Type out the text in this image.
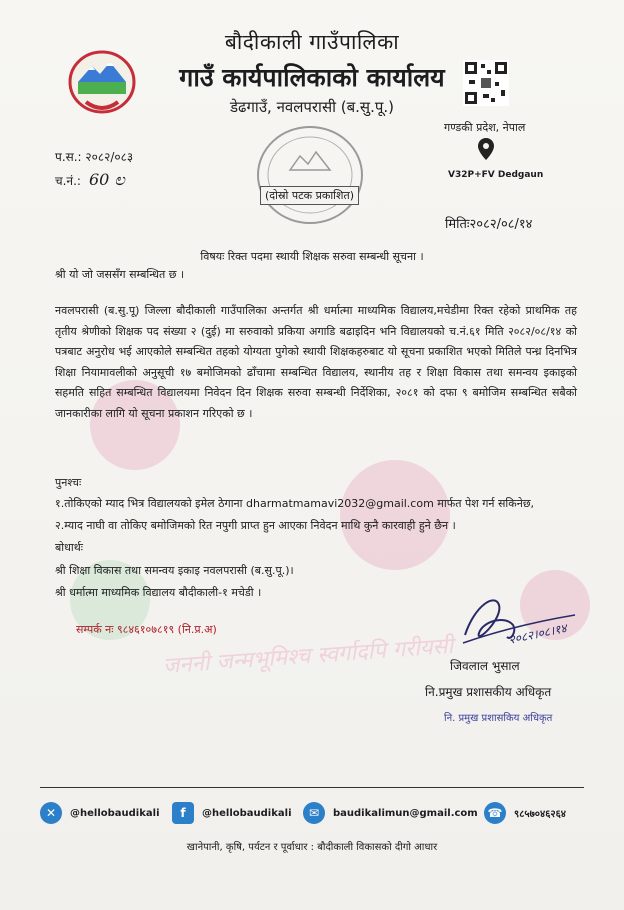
जननी जन्मभूमिश्च स्वर्गादपि गरीयसी
बौदीकाली गाउँपालिका
गाउँ कार्यपालिकाको कार्यालय
डेढगाउँ, नवलपरासी (ब.सु.पू.)
गण्डकी प्रदेश, नेपाल
V32P+FV Dedgaun
प.स.: २०८२/०८३
च.नं.: 60 ಲ
(दोस्रो पटक प्रकाशित)
मितिः२०८२/०८/१४
विषयः रिक्त पदमा स्थायी शिक्षक सरुवा सम्बन्धी सूचना ।
श्री यो जो जससँग सम्बन्धित छ ।
नवलपरासी (ब.सु.पू) जिल्ला बौदीकाली गाउँपालिका अन्तर्गत श्री धर्मात्मा माध्यमिक विद्यालय,मचेडीमा रिक्त रहेको प्राथमिक तह तृतीय श्रेणीको शिक्षक पद संख्या २ (दुई) मा सरुवाको प्रकिया अगाडि बढाइदिन भनि विद्यालयको च.नं.६१ मिति २०८२/०८/१४ को पत्रबाट अनुरोध भई आएकोले सम्बन्धित तहको योग्यता पुगेको स्थायी शिक्षकहरुबाट यो सूचना प्रकाशित भएको मितिले पन्ध्र दिनभित्र शिक्षा नियामावलीको अनुसूची १७ बमोजिमको ढाँचामा सम्बन्धित विद्यालय, स्थानीय तह र शिक्षा विकास तथा समन्वय इकाइको सहमति सहित सम्बन्धित विद्यालयमा निवेदन दिन शिक्षक सरुवा सम्बन्धी निर्देशिका, २०८१ को दफा ९ बमोजिम सम्बन्धित सबैको जानकारीका लागि यो सूचना प्रकाशन गरिएको छ ।
पुनश्चः
१.तोकिएको म्याद भित्र विद्यालयको इमेल ठेगाना dharmatmamavi2032@gmail.com मार्फत पेश गर्न सकिनेछ,
२.म्याद नाघी वा तोकिए बमोजिमको रित नपुगी प्राप्त हुन आएका निवेदन माथि कुनै कारवाही हुने छैन ।
बोधार्थः
श्री शिक्षा विकास तथा समन्वय इकाइ नवलपरासी (ब.सु.पू.)।
श्री धर्मात्मा माध्यमिक विद्यालय बौदीकाली-१ मचेडी ।
सम्पर्क नः ९८४६१०७८१९ (नि.प्र.अ)	२०८२।०८।१४
जिवलाल भुसाल
नि.प्रमुख प्रशासकीय अधिकृत
नि. प्रमुख प्रशासकिय अधिकृत
✕	@hellobaudikali	f	@hellobaudikali	✉	baudikalimun@gmail.com ☎	९८५७०४६२६४
खानेपानी, कृषि, पर्यटन र पूर्वाधार : बौदीकाली विकासको दीगो आधार
